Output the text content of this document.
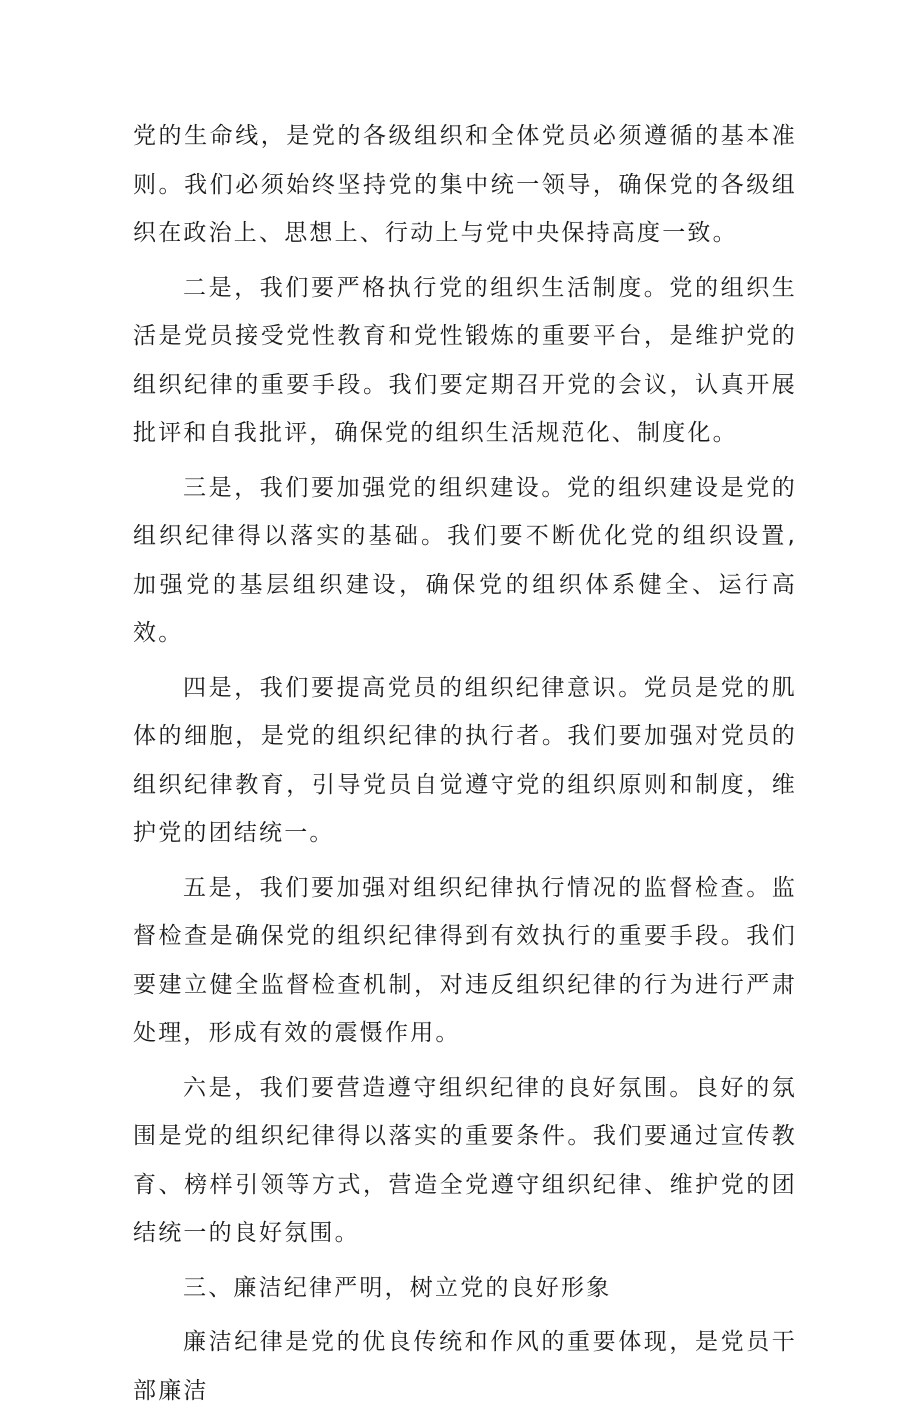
党的生命线，是党的各级组织和全体党员必须遵循的基本准则。我们必须始终坚持党的集中统一领导，确保党的各级组织在政治上、思想上、行动上与党中央保持高度一致。

二是，我们要严格执行党的组织生活制度。党的组织生活是党员接受党性教育和党性锻炼的重要平台，是维护党的组织纪律的重要手段。我们要定期召开党的会议，认真开展批评和自我批评，确保党的组织生活规范化、制度化。

三是，我们要加强党的组织建设。党的组织建设是党的组织纪律得以落实的基础。我们要不断优化党的组织设置,加强党的基层组织建设，确保党的组织体系健全、运行高效。

四是，我们要提高党员的组织纪律意识。党员是党的肌体的细胞，是党的组织纪律的执行者。我们要加强对党员的组织纪律教育，引导党员自觉遵守党的组织原则和制度，维护党的团结统一。

五是，我们要加强对组织纪律执行情况的监督检查。监督检查是确保党的组织纪律得到有效执行的重要手段。我们要建立健全监督检查机制，对违反组织纪律的行为进行严肃处理，形成有效的震慑作用。

六是，我们要营造遵守组织纪律的良好氛围。良好的氛围是党的组织纪律得以落实的重要条件。我们要通过宣传教育、榜样引领等方式，营造全党遵守组织纪律、维护党的团结统一的良好氛围。

三、廉洁纪律严明，树立党的良好形象

廉洁纪律是党的优良传统和作风的重要体现，是党员干部廉洁
